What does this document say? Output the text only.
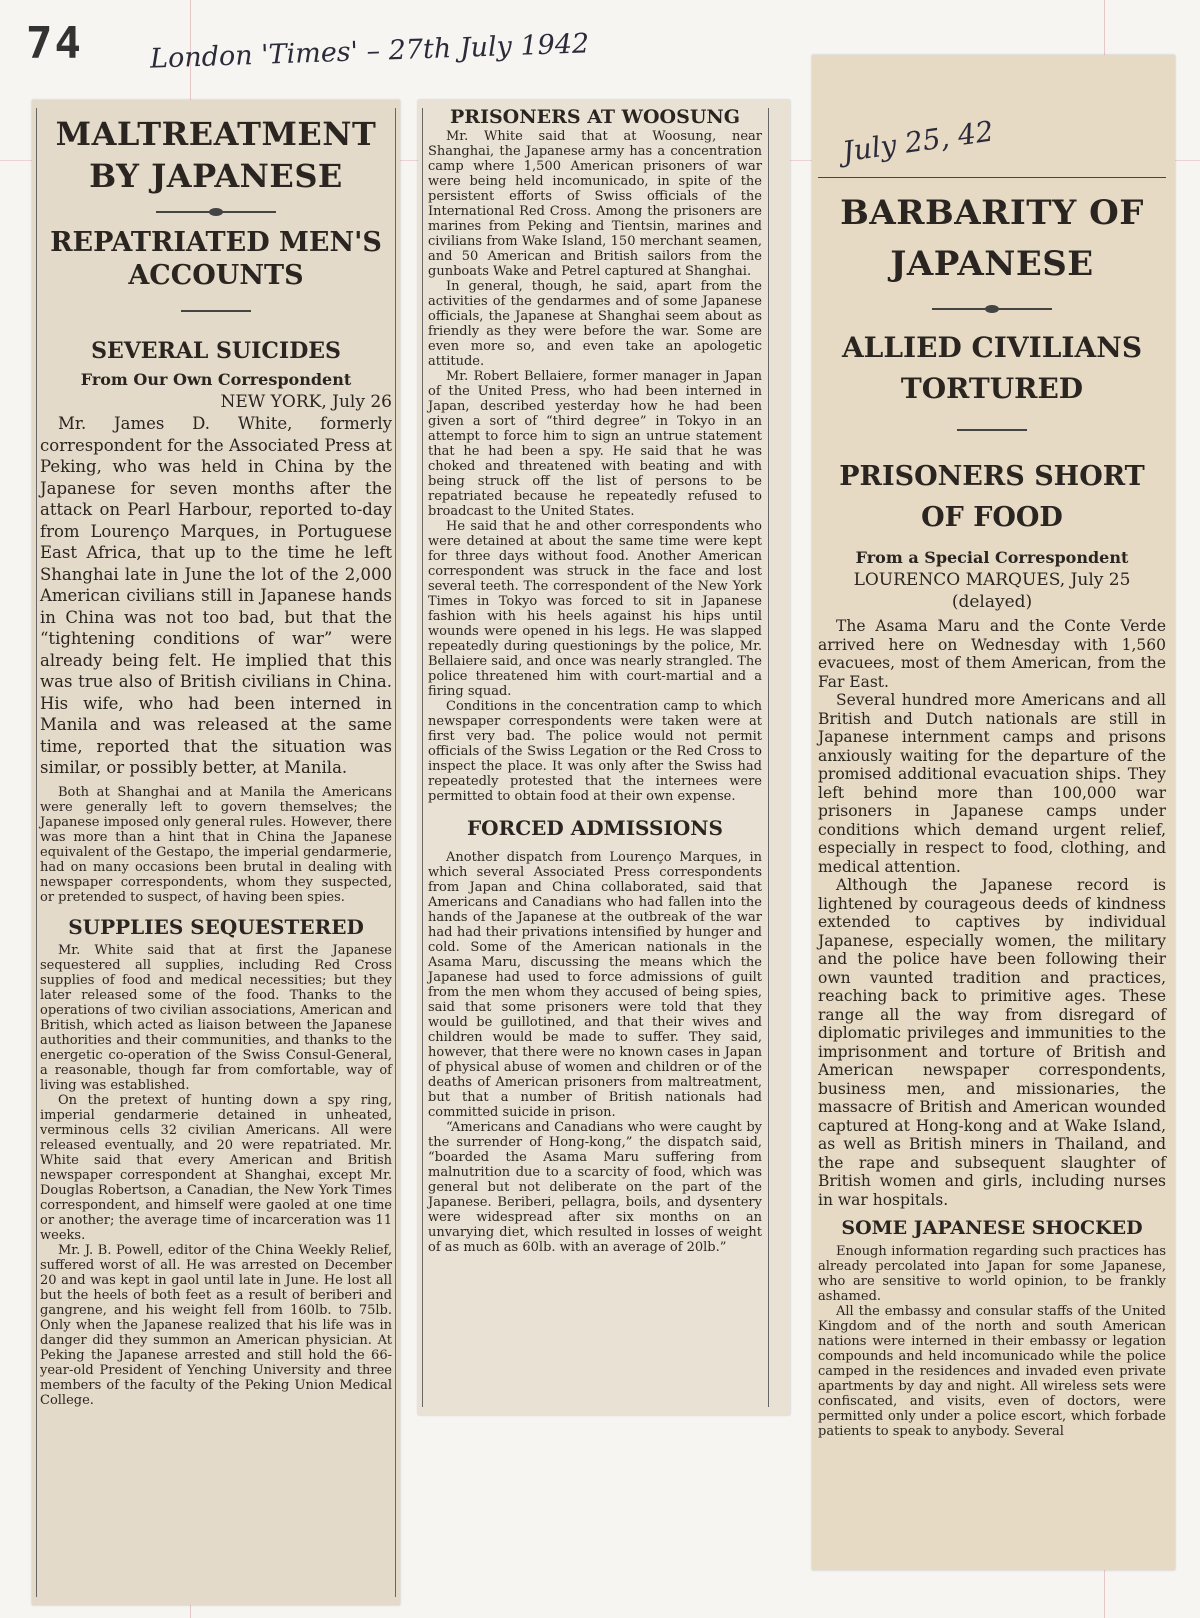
74 London 'Times' – 27th July 1942
MALTREATMENT BY JAPANESE
REPATRIATED MEN'S ACCOUNTS
SEVERAL SUICIDES
From Our Own Correspondent
NEW YORK, July 26

Mr. James D. White, formerly correspondent for the Associated Press at Peking, who was held in China by the Japanese for seven months after the attack on Pearl Harbour, reported to-day from Lourenço Marques, in Portuguese East Africa, that up to the time he left Shanghai late in June the lot of the 2,000 American civilians still in Japanese hands in China was not too bad, but that the “tightening conditions of war” were already being felt. He implied that this was true also of British civilians in China. His wife, who had been interned in Manila and was released at the same time, reported that the situation was similar, or possibly better, at Manila.

Both at Shanghai and at Manila the Americans were generally left to govern themselves; the Japanese imposed only general rules. However, there was more than a hint that in China the Japanese equivalent of the Gestapo, the imperial gendarmerie, had on many occasions been brutal in dealing with newspaper correspondents, whom they suspected, or pretended to suspect, of having been spies.

SUPPLIES SEQUESTERED

Mr. White said that at first the Japanese sequestered all supplies, including Red Cross supplies of food and medical necessities; but they later released some of the food. Thanks to the operations of two civilian associations, American and British, which acted as liaison between the Japanese authorities and their communities, and thanks to the energetic co-operation of the Swiss Consul-General, a reasonable, though far from comfortable, way of living was established.

On the pretext of hunting down a spy ring, imperial gendarmerie detained in unheated, verminous cells 32 civilian Americans. All were released eventually, and 20 were repatriated. Mr. White said that every American and British newspaper correspondent at Shanghai, except Mr. Douglas Robertson, a Canadian, the New York Times correspondent, and himself were gaoled at one time or another; the average time of incarceration was 11 weeks.

Mr. J. B. Powell, editor of the China Weekly Relief, suffered worst of all. He was arrested on December 20 and was kept in gaol until late in June. He lost all but the heels of both feet as a result of beriberi and gangrene, and his weight fell from 160lb. to 75lb. Only when the Japanese realized that his life was in danger did they summon an American physician. At Peking the Japanese arrested and still hold the 66-year-old President of Yenching University and three members of the faculty of the Peking Union Medical College.

PRISONERS AT WOOSUNG

Mr. White said that at Woosung, near Shanghai, the Japanese army has a concentration camp where 1,500 American prisoners of war were being held incomunicado, in spite of the persistent efforts of Swiss officials of the International Red Cross. Among the prisoners are marines from Peking and Tientsin, marines and civilians from Wake Island, 150 merchant seamen, and 50 American and British sailors from the gunboats Wake and Petrel captured at Shanghai.

In general, though, he said, apart from the activities of the gendarmes and of some Japanese officials, the Japanese at Shanghai seem about as friendly as they were before the war. Some are even more so, and even take an apologetic attitude.

Mr. Robert Bellaiere, former manager in Japan of the United Press, who had been interned in Japan, described yesterday how he had been given a sort of “third degree” in Tokyo in an attempt to force him to sign an untrue statement that he had been a spy. He said that he was choked and threatened with beating and with being struck off the list of persons to be repatriated because he repeatedly refused to broadcast to the United States.

He said that he and other correspondents who were detained at about the same time were kept for three days without food. Another American correspondent was struck in the face and lost several teeth. The correspondent of the New York Times in Tokyo was forced to sit in Japanese fashion with his heels against his hips until wounds were opened in his legs. He was slapped repeatedly during questionings by the police, Mr. Bellaiere said, and once was nearly strangled. The police threatened him with court-martial and a firing squad.

Conditions in the concentration camp to which newspaper correspondents were taken were at first very bad. The police would not permit officials of the Swiss Legation or the Red Cross to inspect the place. It was only after the Swiss had repeatedly protested that the internees were permitted to obtain food at their own expense.

FORCED ADMISSIONS

Another dispatch from Lourenço Marques, in which several Associated Press correspondents from Japan and China collaborated, said that Americans and Canadians who had fallen into the hands of the Japanese at the outbreak of the war had had their privations intensified by hunger and cold. Some of the American nationals in the Asama Maru, discussing the means which the Japanese had used to force admissions of guilt from the men whom they accused of being spies, said that some prisoners were told that they would be guillotined, and that their wives and children would be made to suffer. They said, however, that there were no known cases in Japan of physical abuse of women and children or of the deaths of American prisoners from maltreatment, but that a number of British nationals had committed suicide in prison.

“Americans and Canadians who were caught by the surrender of Hong-kong,” the dispatch said, “boarded the Asama Maru suffering from malnutrition due to a scarcity of food, which was general but not deliberate on the part of the Japanese. Beriberi, pellagra, boils, and dysentery were widespread after six months on an unvarying diet, which resulted in losses of weight of as much as 60lb. with an average of 20lb.”

July 25, 42
BARBARITY OF JAPANESE
ALLIED CIVILIANS TORTURED
PRISONERS SHORT OF FOOD
From a Special Correspondent
LOURENCO MARQUES, July 25
(delayed)

The Asama Maru and the Conte Verde arrived here on Wednesday with 1,560 evacuees, most of them American, from the Far East.

Several hundred more Americans and all British and Dutch nationals are still in Japanese internment camps and prisons anxiously waiting for the departure of the promised additional evacuation ships. They left behind more than 100,000 war prisoners in Japanese camps under conditions which demand urgent relief, especially in respect to food, clothing, and medical attention.

Although the Japanese record is lightened by courageous deeds of kindness extended to captives by individual Japanese, especially women, the military and the police have been following their own vaunted tradition and practices, reaching back to primitive ages. These range all the way from disregard of diplomatic privileges and immunities to the imprisonment and torture of British and American newspaper correspondents, business men, and missionaries, the massacre of British and American wounded captured at Hong-kong and at Wake Island, as well as British miners in Thailand, and the rape and subsequent slaughter of British women and girls, including nurses in war hospitals.

SOME JAPANESE SHOCKED

Enough information regarding such practices has already percolated into Japan for some Japanese, who are sensitive to world opinion, to be frankly ashamed.

All the embassy and consular staffs of the United Kingdom and of the north and south American nations were interned in their embassy or legation compounds and held incomunicado while the police camped in the residences and invaded even private apartments by day and night. All wireless sets were confiscated, and visits, even of doctors, were permitted only under a police escort, which forbade patients to speak to anybody. Several
